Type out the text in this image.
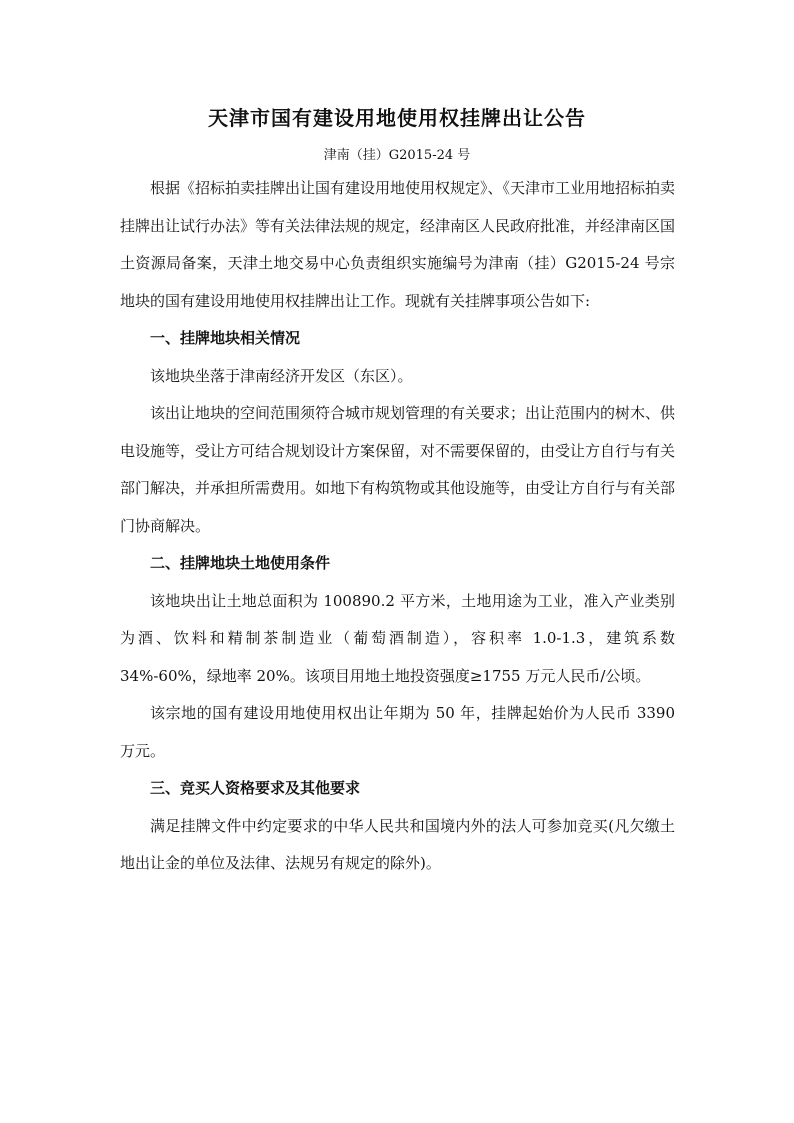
天津市国有建设用地使用权挂牌出让公告
津南（挂）G2015-24 号

根据《招标拍卖挂牌出让国有建设用地使用权规定》、《天津市工业用地招标拍卖挂牌出让试行办法》等有关法律法规的规定，经津南区人民政府批准，并经津南区国土资源局备案，天津土地交易中心负责组织实施编号为津南（挂）G2015-24 号宗地块的国有建设用地使用权挂牌出让工作。现就有关挂牌事项公告如下:

一、挂牌地块相关情况

该地块坐落于津南经济开发区（东区）。

该出让地块的空间范围须符合城市规划管理的有关要求；出让范围内的树木、供电设施等，受让方可结合规划设计方案保留，对不需要保留的，由受让方自行与有关部门解决，并承担所需费用。如地下有构筑物或其他设施等，由受让方自行与有关部门协商解决。

二、挂牌地块土地使用条件

该地块出让土地总面积为 100890.2 平方米，土地用途为工业，准入产业类别为酒、饮料和精制茶制造业（葡萄酒制造），容积率 1.0-1.3，建筑系数 34%-60%，绿地率 20%。该项目用地土地投资强度≥1755 万元人民币/公顷。

该宗地的国有建设用地使用权出让年期为 50 年，挂牌起始价为人民币 3390 万元。

三、竞买人资格要求及其他要求

满足挂牌文件中约定要求的中华人民共和国境内外的法人可参加竞买(凡欠缴土地出让金的单位及法律、法规另有规定的除外)。
